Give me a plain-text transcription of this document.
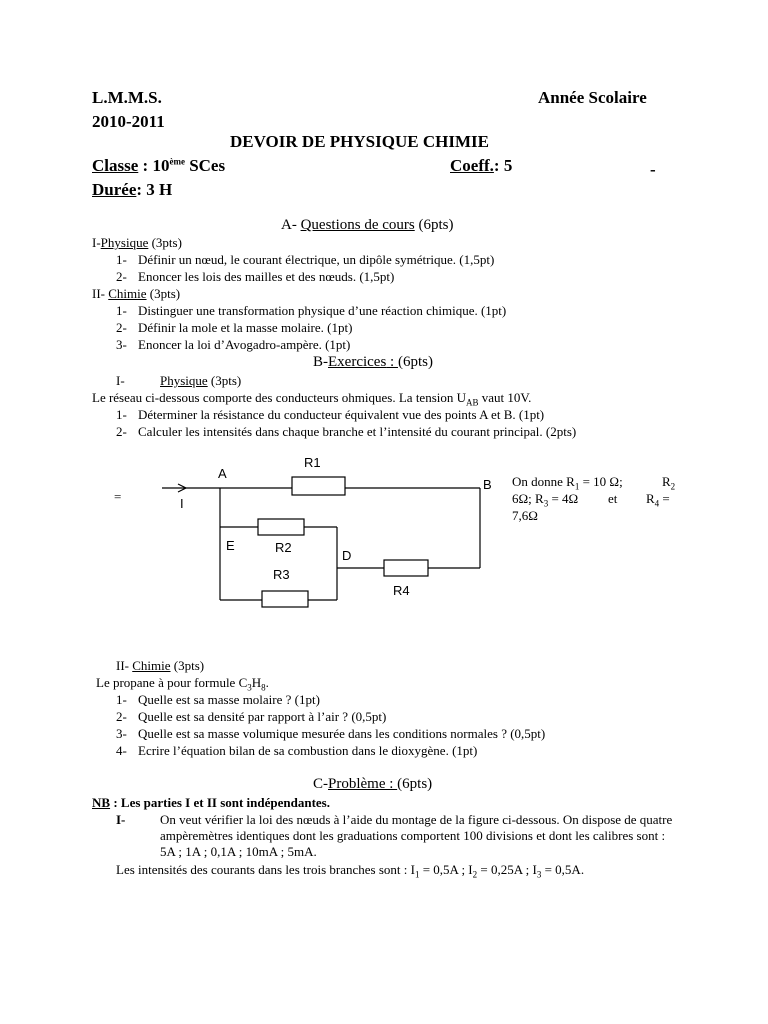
L.M.M.S.	Année Scolaire
2010-2011
DEVOIR DE PHYSIQUE CHIMIE
Classe : 10ème SCes	Coeff.: 5	-
Durée: 3 H
A- Questions de cours (6pts)
I-Physique (3pts)
1- Définir un nœud, le courant électrique, un dipôle symétrique. (1,5pt)
2- Enoncer les lois des mailles et des nœuds. (1,5pt)
II- Chimie (3pts)
1- Distinguer une transformation physique d’une réaction chimique. (1pt)
2- Définir la mole et la masse molaire. (1pt)
3- Enoncer la loi d’Avogadro-ampère. (1pt)
B-Exercices : (6pts)
I-	Physique (3pts)
Le réseau ci-dessous comporte des conducteurs ohmiques. La tension $U_{AB}$ vaut 10V.
1- Déterminer la résistance du conducteur équivalent vue des points A et B. (1pt)
2- Calculer les intensités dans chaque branche et l’intensité du courant principal. (2pts)
=
A
R1
B
I
E	R2
D
R3
R4
On donne $R_1 = 10$ Ω;	$R_2$
6Ω; $R_3 = 4\Omega$ et $R_4$ =
7,6Ω
II- Chimie (3pts)
Le propane à pour formule $C_3H_8$.
1- Quelle est sa masse molaire ? (1pt)
2- Quelle est sa densité par rapport à l’air ? (0,5pt)
3- Quelle est sa masse volumique mesurée dans les conditions normales ? (0,5pt)
4- Ecrire l’équation bilan de sa combustion dans le dioxygène. (1pt)
C-Problème : (6pts)
NB : Les parties I et II sont indépendantes.
I-	On veut vérifier la loi des nœuds à l’aide du montage de la figure ci-dessous. On dispose de quatre ampèremètres identiques dont les graduations comportent 100 divisions et dont les calibres sont : 5A ; 1A ; 0,1A ; 10mA ; 5mA.
Les intensités des courants dans les trois branches sont : $I_1 = 0,5A$ ; $I_2 = 0,25A$ ; $I_3 = 0,5A$.
